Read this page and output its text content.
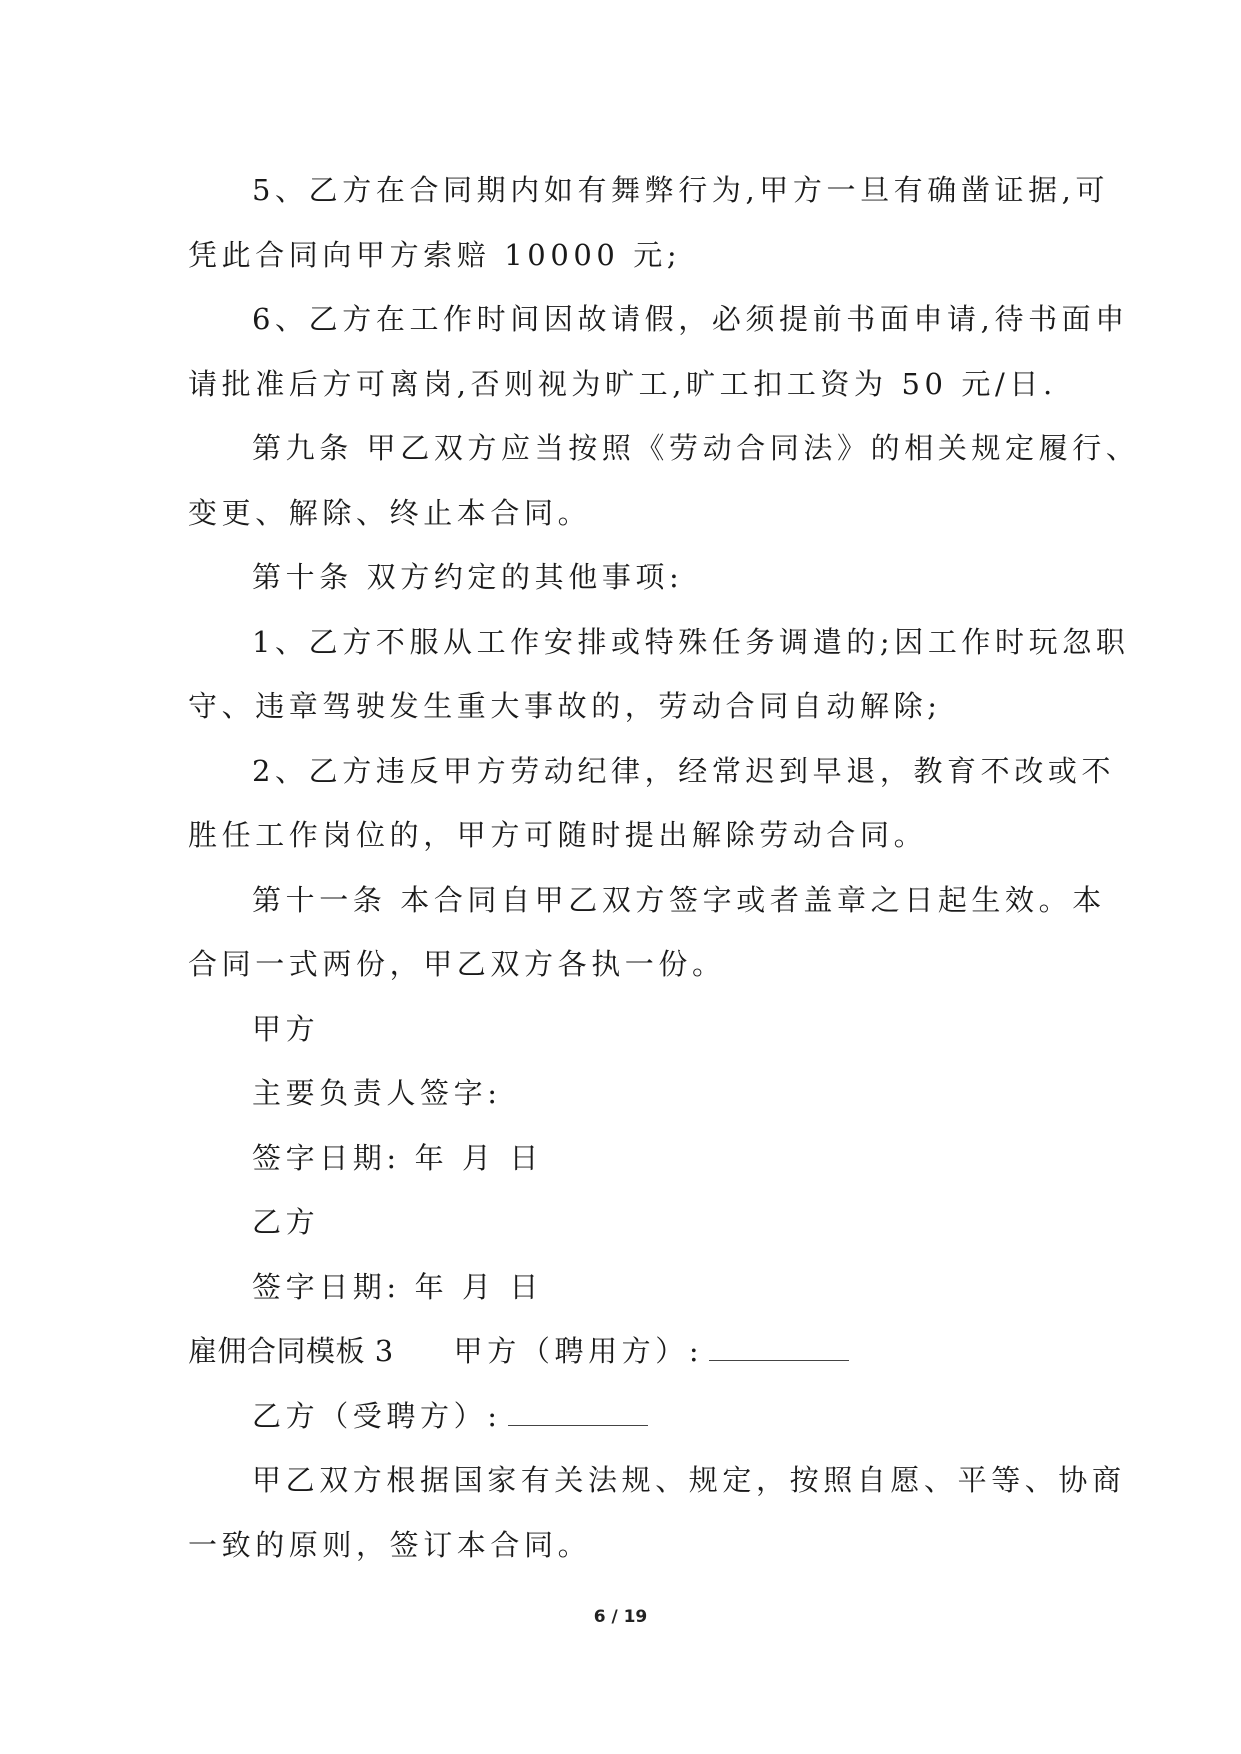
5、乙方在合同期内如有舞弊行为,甲方一旦有确凿证据,可
凭此合同向甲方索赔 10000 元;
6、乙方在工作时间因故请假，必须提前书面申请,待书面申
请批准后方可离岗,否则视为旷工,旷工扣工资为 50 元/日.
第九条 甲乙双方应当按照《劳动合同法》的相关规定履行、
变更、解除、终止本合同。
第十条 双方约定的其他事项:
1、乙方不服从工作安排或特殊任务调遣的;因工作时玩忽职
守、违章驾驶发生重大事故的，劳动合同自动解除;
2、乙方违反甲方劳动纪律，经常迟到早退，教育不改或不
胜任工作岗位的，甲方可随时提出解除劳动合同。
第十一条 本合同自甲乙双方签字或者盖章之日起生效。本
合同一式两份，甲乙双方各执一份。
甲方
主要负责人签字:
签字日期: 年 月 日
乙方
签字日期: 年 月 日
雇佣合同模板 3 甲方（聘用方）:
乙方（受聘方）:
甲乙双方根据国家有关法规、规定，按照自愿、平等、协商
一致的原则，签订本合同。
6 / 19
